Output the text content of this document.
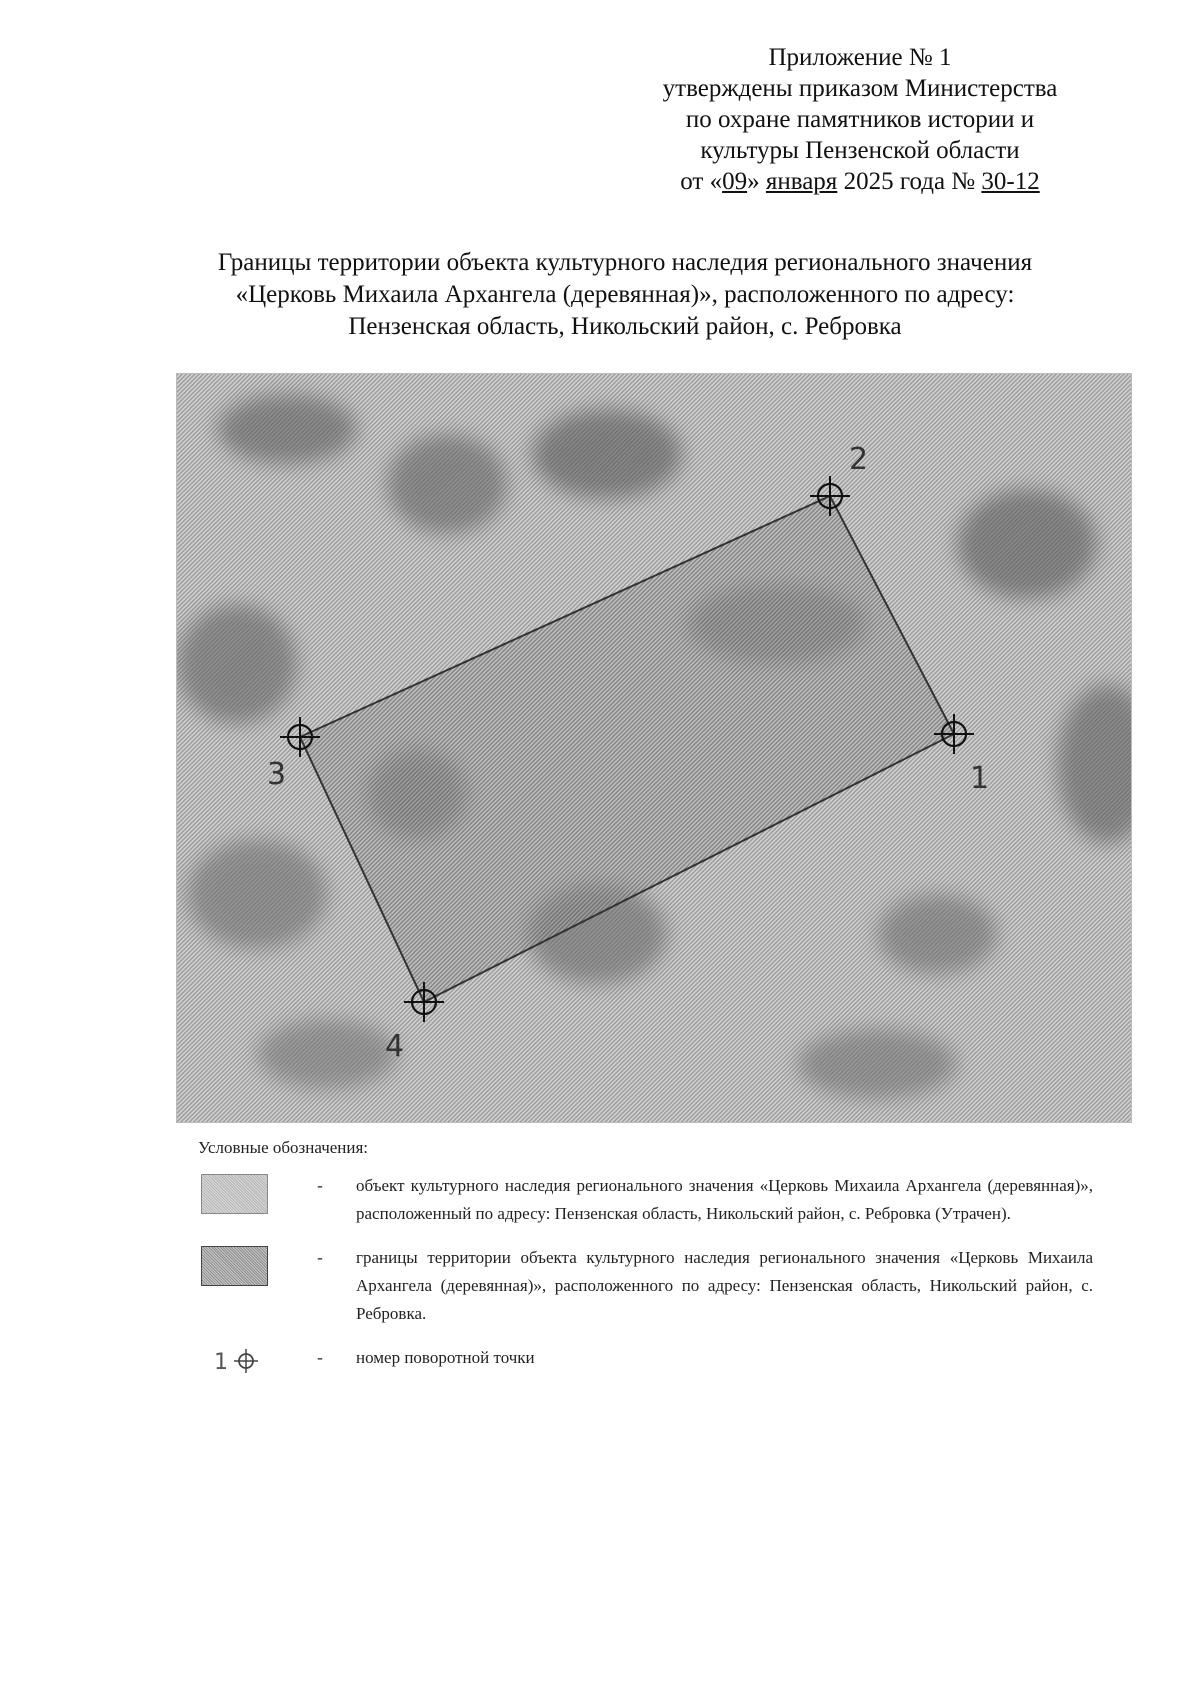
Приложение № 1
утверждены приказом Министерства
по охране памятников истории и
культуры Пензенской области
от «09» января 2025 года № 30-12
Границы территории объекта культурного наследия регионального значения
«Церковь Михаила Архангела (деревянная)», расположенного по адресу:
Пензенская область, Никольский район, с. Ребровка
1
2
3
4
Условные обозначения:
-	объект культурного наследия регионального значения «Церковь Михаила Архангела (деревянная)», расположенный по адресу: Пензенская область, Никольский район, с. Ребровка (Утрачен).
-	границы территории объекта культурного наследия регионального значения «Церковь Михаила Архангела (деревянная)», расположенного по адресу: Пензенская область, Никольский район, с. Ребровка.
1	-	номер поворотной точки
